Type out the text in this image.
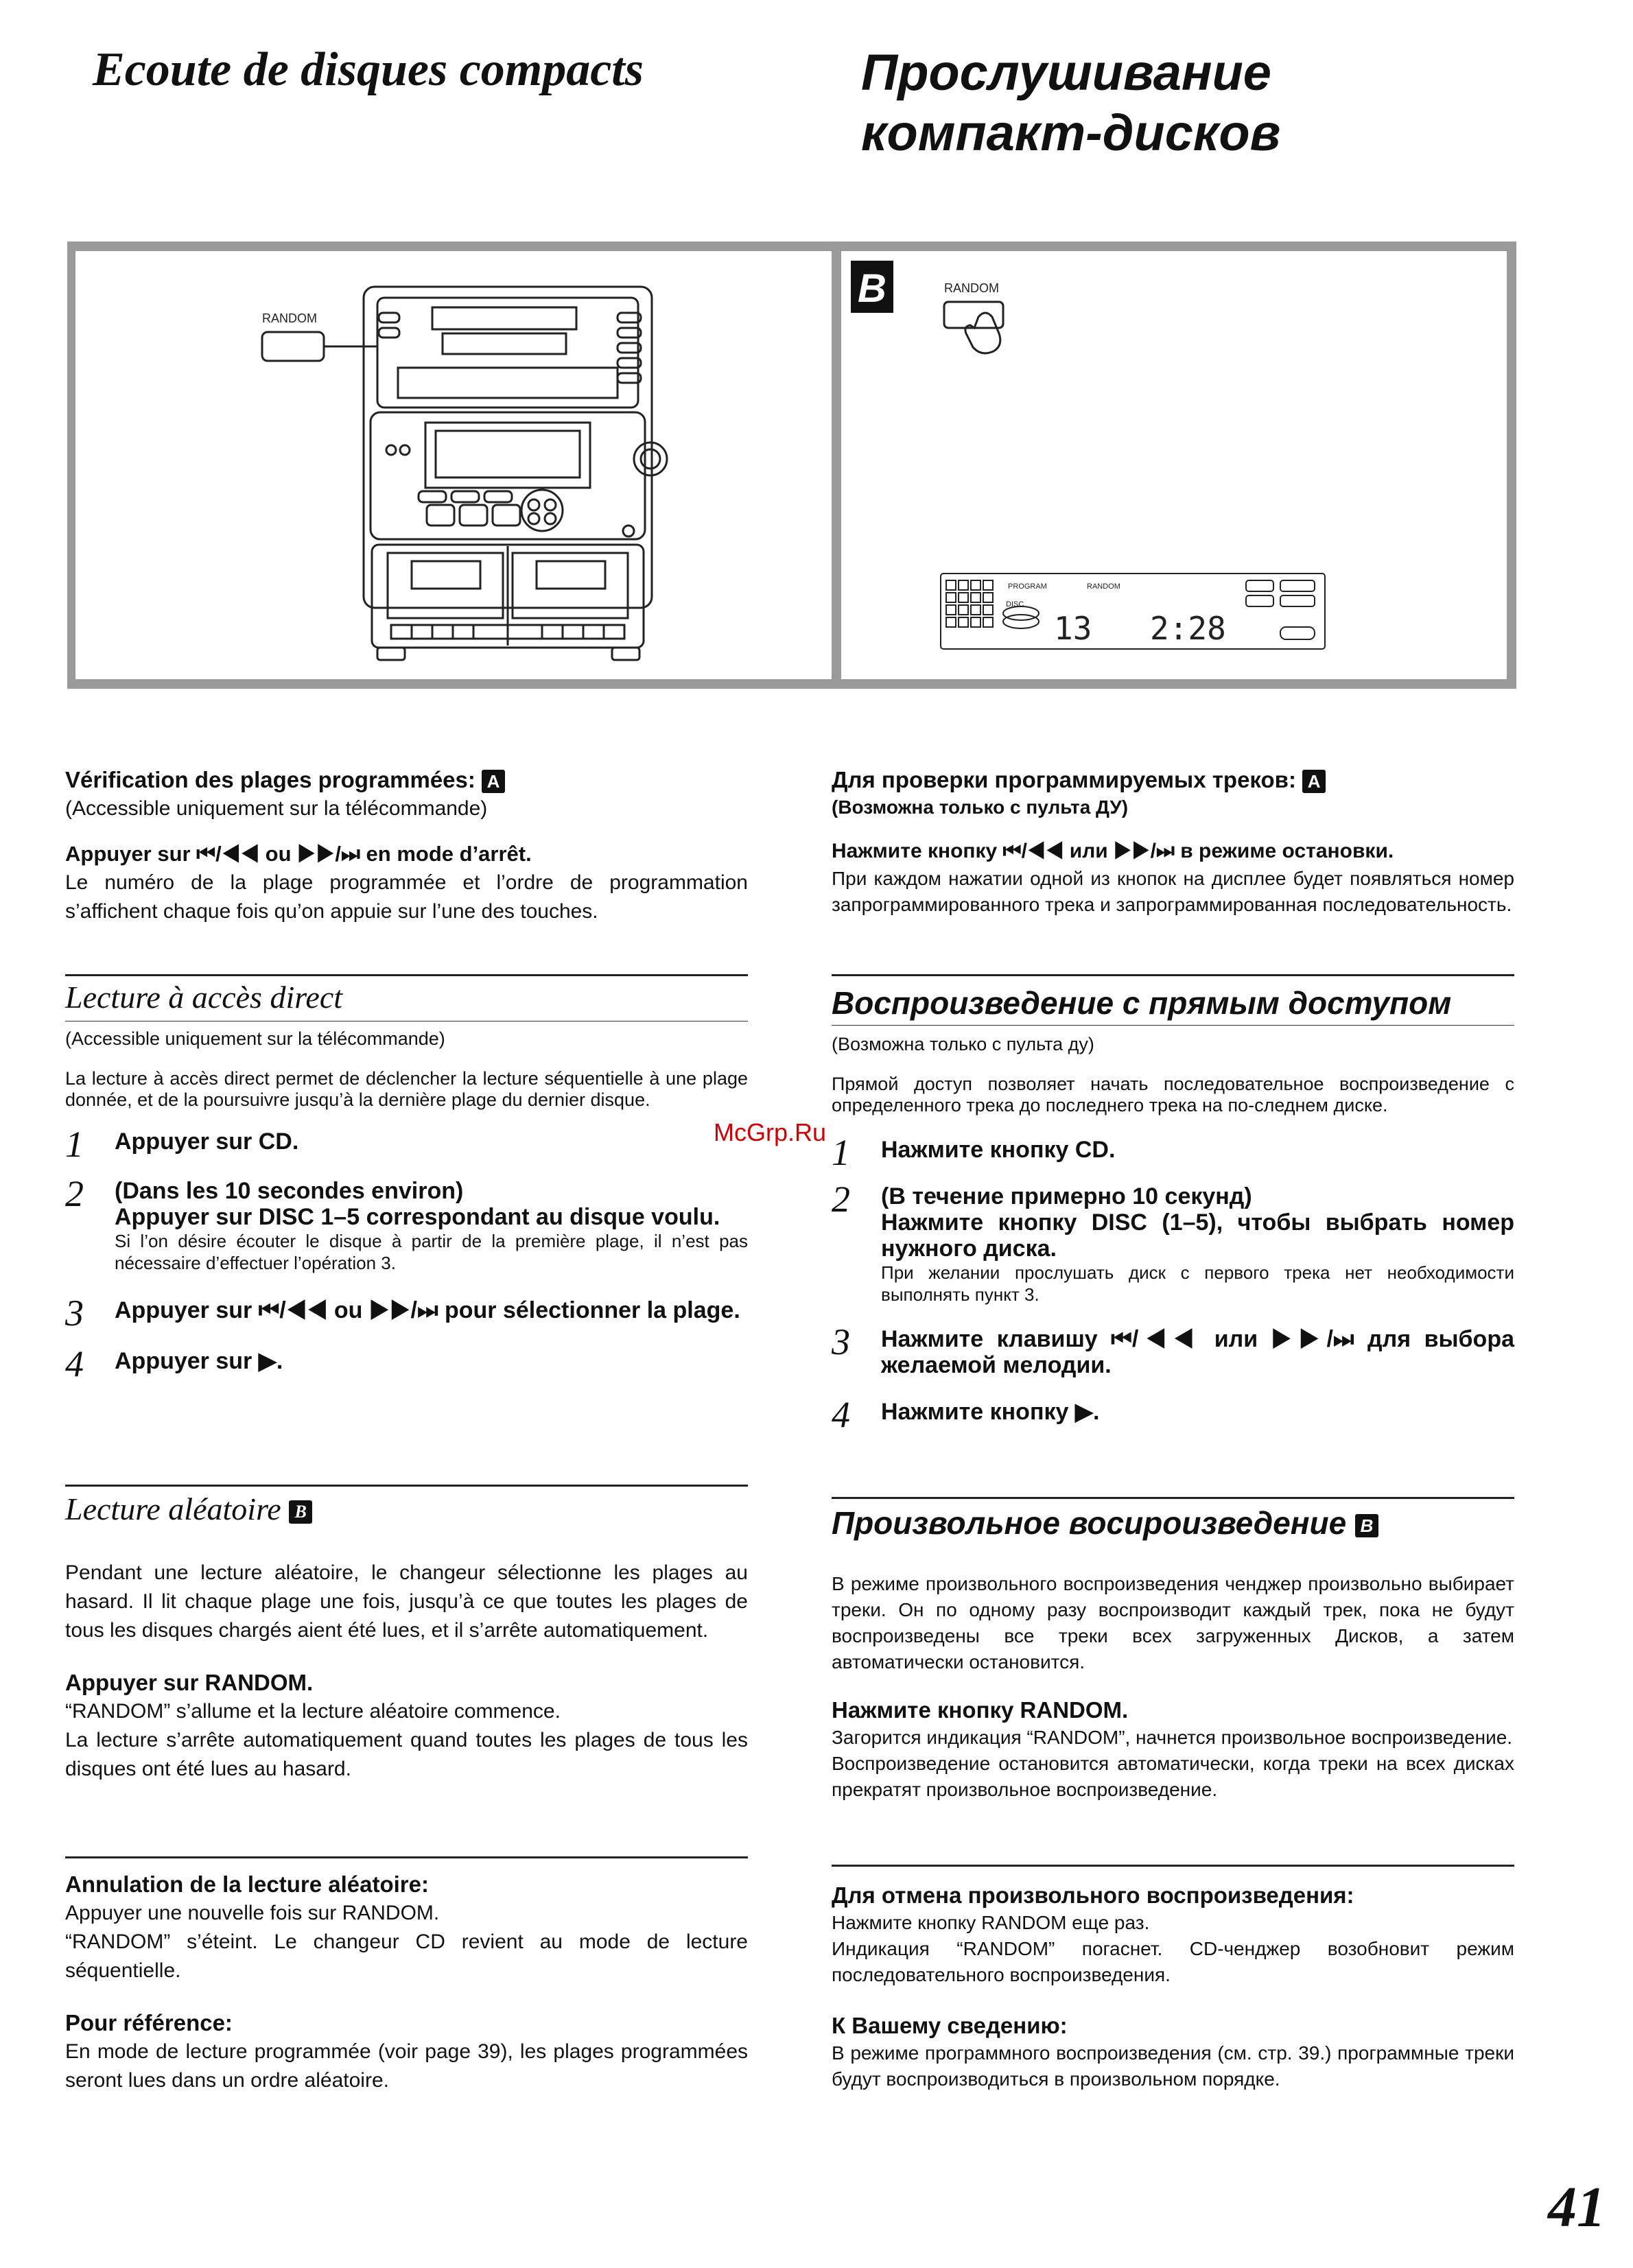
Ecoute de disques compacts	Прослушивание
компакт-дисков
RANDOM
B	RANDOM
PROGRAM	RANDOM
DISC
13 2:28
Vérification des plages programmées: A
(Accessible uniquement sur la télécommande)
Appuyer sur ⏮/◀◀ ou ▶▶/⏭ en mode d’arrêt.
Le numéro de la plage programmée et l’ordre de programmation s’affichent chaque fois qu’on appuie sur l’une des touches.
Lecture à accès direct
(Accessible uniquement sur la télécommande)
La lecture à accès direct permet de déclencher la lecture séquentielle à une plage donnée, et de la poursuivre jusqu’à la dernière plage du dernier disque.
1 Appuyer sur CD.
2 (Dans les 10 secondes environ)
Appuyer sur DISC 1–5 correspondant au disque voulu.
Si l’on désire écouter le disque à partir de la première plage, il n’est pas nécessaire d’effectuer l’opération 3.
3 Appuyer sur ⏮/◀◀ ou ▶▶/⏭ pour sélectionner la plage.
4 Appuyer sur ▶.
Lecture aléatoire B
Pendant une lecture aléatoire, le changeur sélectionne les plages au hasard. Il lit chaque plage une fois, jusqu’à ce que toutes les plages de tous les disques chargés aient été lues, et il s’arrête automatiquement.
Appuyer sur RANDOM.
“RANDOM” s’allume et la lecture aléatoire commence.
La lecture s’arrête automatiquement quand toutes les plages de tous les disques ont été lues au hasard.
Annulation de la lecture aléatoire:
Appuyer une nouvelle fois sur RANDOM.
“RANDOM” s’éteint. Le changeur CD revient au mode de lecture séquentielle.
Pour référence:
En mode de lecture programmée (voir page 39), les plages programmées seront lues dans un ordre aléatoire.
Для проверки программируемых треков: A
(Возможна только с пульта ДУ)
Нажмите кнопку ⏮/◀◀ или ▶▶/⏭ в режиме остановки.
При каждом нажатии одной из кнопок на дисплее будет появляться номер запрограммированного трека и запрограммированная последовательность.
Воспроизведение с прямым доступом
(Возможна только с пульта ду)
Прямой доступ позволяет начать последовательное воспроизведение с определенного трека до последнего трека на по-следнем диске.
1 Нажмите кнопку CD.
2 (В течение примерно 10 секунд)
Нажмите кнопку DISC (1–5), чтобы выбрать номер нужного диска.
При желании прослушать диск с первого трека нет необходимости выполнять пункт 3.
3 Нажмите клавишу ⏮/◀◀ или ▶▶/⏭ для выбора желаемой мелодии.
4 Нажмите кнопку ▶.
Произвольное восироизведение B
В режиме произвольного воспроизведения ченджер произвольно выбирает треки. Он по одному разу воспроизводит каждый трек, пока не будут воспроизведены все треки всех загруженных Дисков, а затем автоматически остановится.
Нажмите кнопку RANDOM.
Загорится индикация “RANDOM”, начнется произвольное воспроизведение.
Воспроизведение остановится автоматически, когда треки на всех дисках прекратят произвольное воспроизведение.
Для отмена произвольного воспроизведения:
Нажмите кнопку RANDOM еще раз.
Индикация “RANDOM” погаснет. CD-ченджер возобновит режим последовательного воспроизведения.
К Вашему сведению:
В режиме программного воспроизведения (см. стр. 39.) программные треки будут воспроизводиться в произвольном порядке.
McGrp.Ru
41
